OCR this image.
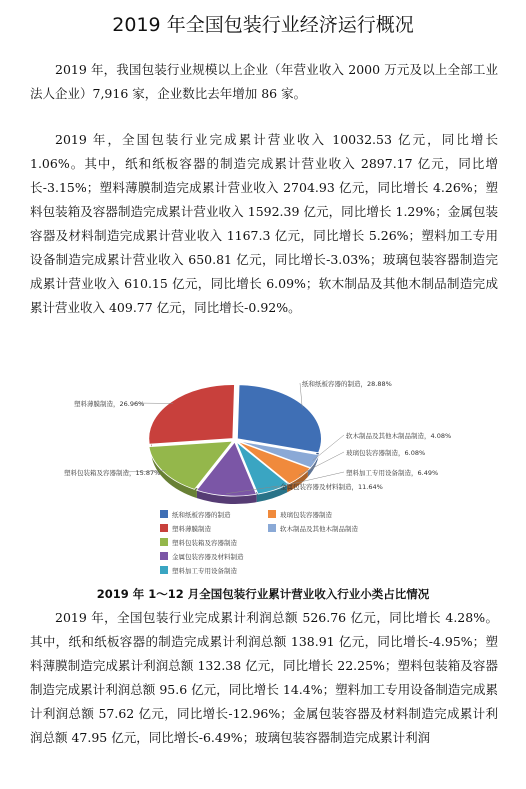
2019 年全国包装行业经济运行概况

2019 年，我国包装行业规模以上企业（年营业收入 2000 万元及以上全部工业法人企业）7,916 家，企业数比去年增加 86 家。

2019 年，全国包装行业完成累计营业收入 10032.53 亿元，同比增长 1.06%。其中，纸和纸板容器的制造完成累计营业收入 2897.17 亿元，同比增长-3.15%；塑料薄膜制造完成累计营业收入 2704.93 亿元，同比增长 4.26%；塑料包装箱及容器制造完成累计营业收入 1592.39 亿元，同比增长 1.29%；金属包装容器及材料制造完成累计营业收入 1167.3 亿元，同比增长 5.26%；塑料加工专用设备制造完成累计营业收入 650.81 亿元，同比增长-3.03%；玻璃包装容器制造完成累计营业收入 610.15 亿元，同比增长 6.09%；软木制品及其他木制品制造完成累计营业收入 409.77 亿元，同比增长-0.92%。

纸和纸板容器的制造，28.88%
软木制品及其他木制品制造，4.08%
玻璃包装容器制造，6.08%
塑料加工专用设备制造，6.49%
金属包装容器及材料制造，11.64%
塑料包装箱及容器制造，15.87%
塑料薄膜制造，26.96%
纸和纸板容器的制造
塑料薄膜制造
塑料包装箱及容器制造
金属包装容器及材料制造
塑料加工专用设备制造
玻璃包装容器制造
软木制品及其他木制品制造
2019 年 1～12 月全国包装行业累计营业收入行业小类占比情况

2019 年，全国包装行业完成累计利润总额 526.76 亿元，同比增长 4.28%。其中，纸和纸板容器的制造完成累计利润总额 138.91 亿元，同比增长-4.95%；塑料薄膜制造完成累计利润总额 132.38 亿元，同比增长 22.25%；塑料包装箱及容器制造完成累计利润总额 95.6 亿元，同比增长 14.4%；塑料加工专用设备制造完成累计利润总额 57.62 亿元，同比增长-12.96%；金属包装容器及材料制造完成累计利润总额 47.95 亿元，同比增长-6.49%；玻璃包装容器制造完成累计利润
